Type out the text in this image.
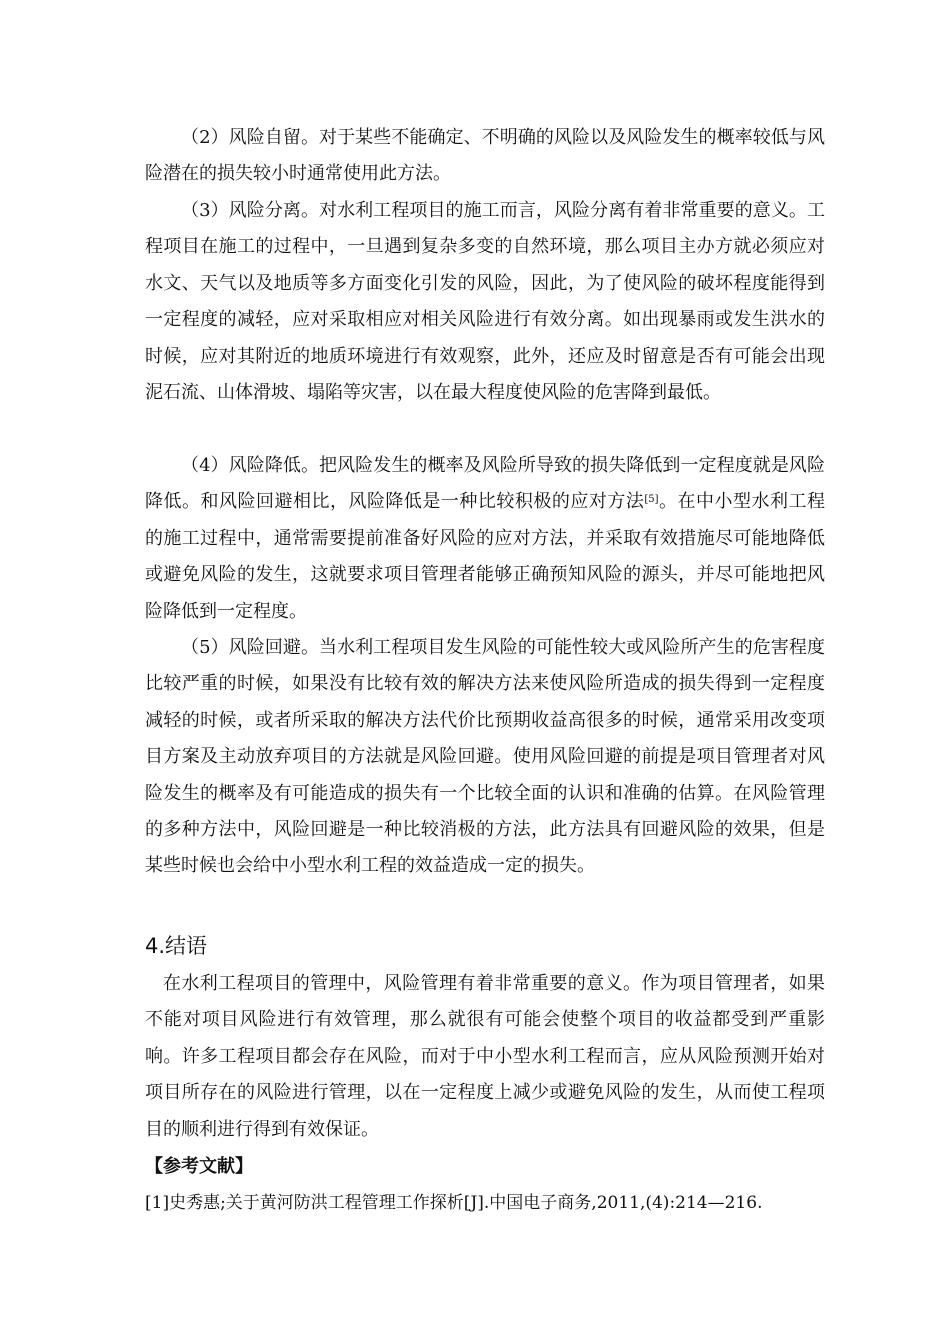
（2）风险自留。对于某些不能确定、不明确的风险以及风险发生的概率较低与风险潜在的损失较小时通常使用此方法。

（3）风险分离。对水利工程项目的施工而言，风险分离有着非常重要的意义。工程项目在施工的过程中，一旦遇到复杂多变的自然环境，那么项目主办方就必须应对水文、天气以及地质等多方面变化引发的风险，因此，为了使风险的破坏程度能得到一定程度的减轻，应对采取相应对相关风险进行有效分离。如出现暴雨或发生洪水的时候，应对其附近的地质环境进行有效观察，此外，还应及时留意是否有可能会出现泥石流、山体滑坡、塌陷等灾害，以在最大程度使风险的危害降到最低。

（4）风险降低。把风险发生的概率及风险所导致的损失降低到一定程度就是风险降低。和风险回避相比，风险降低是一种比较积极的应对方法[5]。在中小型水利工程的施工过程中，通常需要提前准备好风险的应对方法，并采取有效措施尽可能地降低或避免风险的发生，这就要求项目管理者能够正确预知风险的源头，并尽可能地把风险降低到一定程度。

（5）风险回避。当水利工程项目发生风险的可能性较大或风险所产生的危害程度比较严重的时候，如果没有比较有效的解决方法来使风险所造成的损失得到一定程度减轻的时候，或者所采取的解决方法代价比预期收益高很多的时候，通常采用改变项目方案及主动放弃项目的方法就是风险回避。使用风险回避的前提是项目管理者对风险发生的概率及有可能造成的损失有一个比较全面的认识和准确的估算。在风险管理的多种方法中，风险回避是一种比较消极的方法，此方法具有回避风险的效果，但是某些时候也会给中小型水利工程的效益造成一定的损失。

4.结语

在水利工程项目的管理中，风险管理有着非常重要的意义。作为项目管理者，如果不能对项目风险进行有效管理，那么就很有可能会使整个项目的收益都受到严重影响。许多工程项目都会存在风险，而对于中小型水利工程而言，应从风险预测开始对项目所存在的风险进行管理，以在一定程度上减少或避免风险的发生，从而使工程项目的顺利进行得到有效保证。

【参考文献】

[1]史秀惠;关于黄河防洪工程管理工作探析[J].中国电子商务,2011,(4):214—216.
